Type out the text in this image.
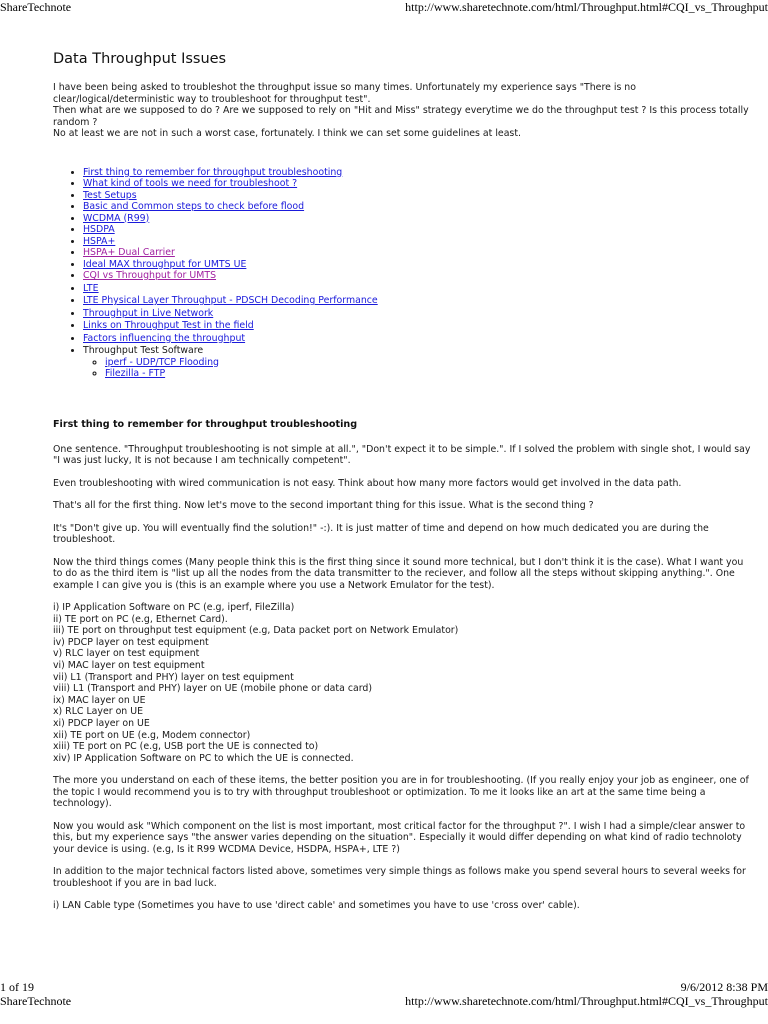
ShareTechnote	http://www.sharetechnote.com/html/Throughput.html#CQI_vs_Throughput
Data Throughput Issues

I have been being asked to troubleshot the throughput issue so many times. Unfortunately my experience says "There is no clear/logical/deterministic way to troubleshoot for throughput test".

Then what are we supposed to do ? Are we supposed to rely on "Hit and Miss" strategy everytime we do the throughput test ? Is this process totally random ?

No at least we are not in such a worst case, fortunately. I think we can set some guidelines at least.

• First thing to remember for throughput troubleshooting
• What kind of tools we need for troubleshoot ?
• Test Setups
• Basic and Common steps to check before flood
• WCDMA (R99)
• HSDPA
• HSPA+
• HSPA+ Dual Carrier
• Ideal MAX throughput for UMTS UE
• CQI vs Throughput for UMTS
• LTE
• LTE Physical Layer Throughput - PDSCH Decoding Performance
• Throughput in Live Network
• Links on Throughput Test in the field
• Factors influencing the throughput
• Throughput Test Software
◦ iperf - UDP/TCP Flooding
◦ Filezilla - FTP
First thing to remember for throughput troubleshooting

One sentence. "Throughput troubleshooting is not simple at all.", "Don't expect it to be simple.". If I solved the problem with single shot, I would say "I was just lucky, It is not because I am technically competent".

Even troubleshooting with wired communication is not easy. Think about how many more factors would get involved in the data path.

That's all for the first thing. Now let's move to the second important thing for this issue. What is the second thing ?

It's "Don't give up. You will eventually find the solution!" -:). It is just matter of time and depend on how much dedicated you are during the troubleshoot.

Now the third things comes (Many people think this is the first thing since it sound more technical, but I don't think it is the case). What I want you to do as the third item is "list up all the nodes from the data transmitter to the reciever, and follow all the steps without skipping anything.". One example I can give you is (this is an example where you use a Network Emulator for the test).

i) IP Application Software on PC (e.g, iperf, FileZilla)
ii) TE port on PC (e.g, Ethernet Card).
iii) TE port on throughput test equipment (e.g, Data packet port on Network Emulator)
iv) PDCP layer on test equipment
v) RLC layer on test equipment
vi) MAC layer on test equipment
vii) L1 (Transport and PHY) layer on test equipment
viii) L1 (Transport and PHY) layer on UE (mobile phone or data card)
ix) MAC layer on UE
x) RLC Layer on UE
xi) PDCP layer on UE
xii) TE port on UE (e.g, Modem connector)
xiii) TE port on PC (e.g, USB port the UE is connected to)
xiv) IP Application Software on PC to which the UE is connected.

The more you understand on each of these items, the better position you are in for troubleshooting. (If you really enjoy your job as engineer, one of the topic I would recommend you is to try with throughput troubleshoot or optimization. To me it looks like an art at the same time being a technology).

Now you would ask "Which component on the list is most important, most critical factor for the throughput ?". I wish I had a simple/clear answer to this, but my experience says "the answer varies depending on the situation". Especially it would differ depending on what kind of radio technoloty your device is using. (e.g, Is it R99 WCDMA Device, HSDPA, HSPA+, LTE ?)

In addition to the major technical factors listed above, sometimes very simple things as follows make you spend several hours to several weeks for troubleshoot if you are in bad luck.

i) LAN Cable type (Sometimes you have to use 'direct cable' and sometimes you have to use 'cross over' cable).

1 of 19	9/6/2012 8:38 PM
ShareTechnote	http://www.sharetechnote.com/html/Throughput.html#CQI_vs_Throughput
